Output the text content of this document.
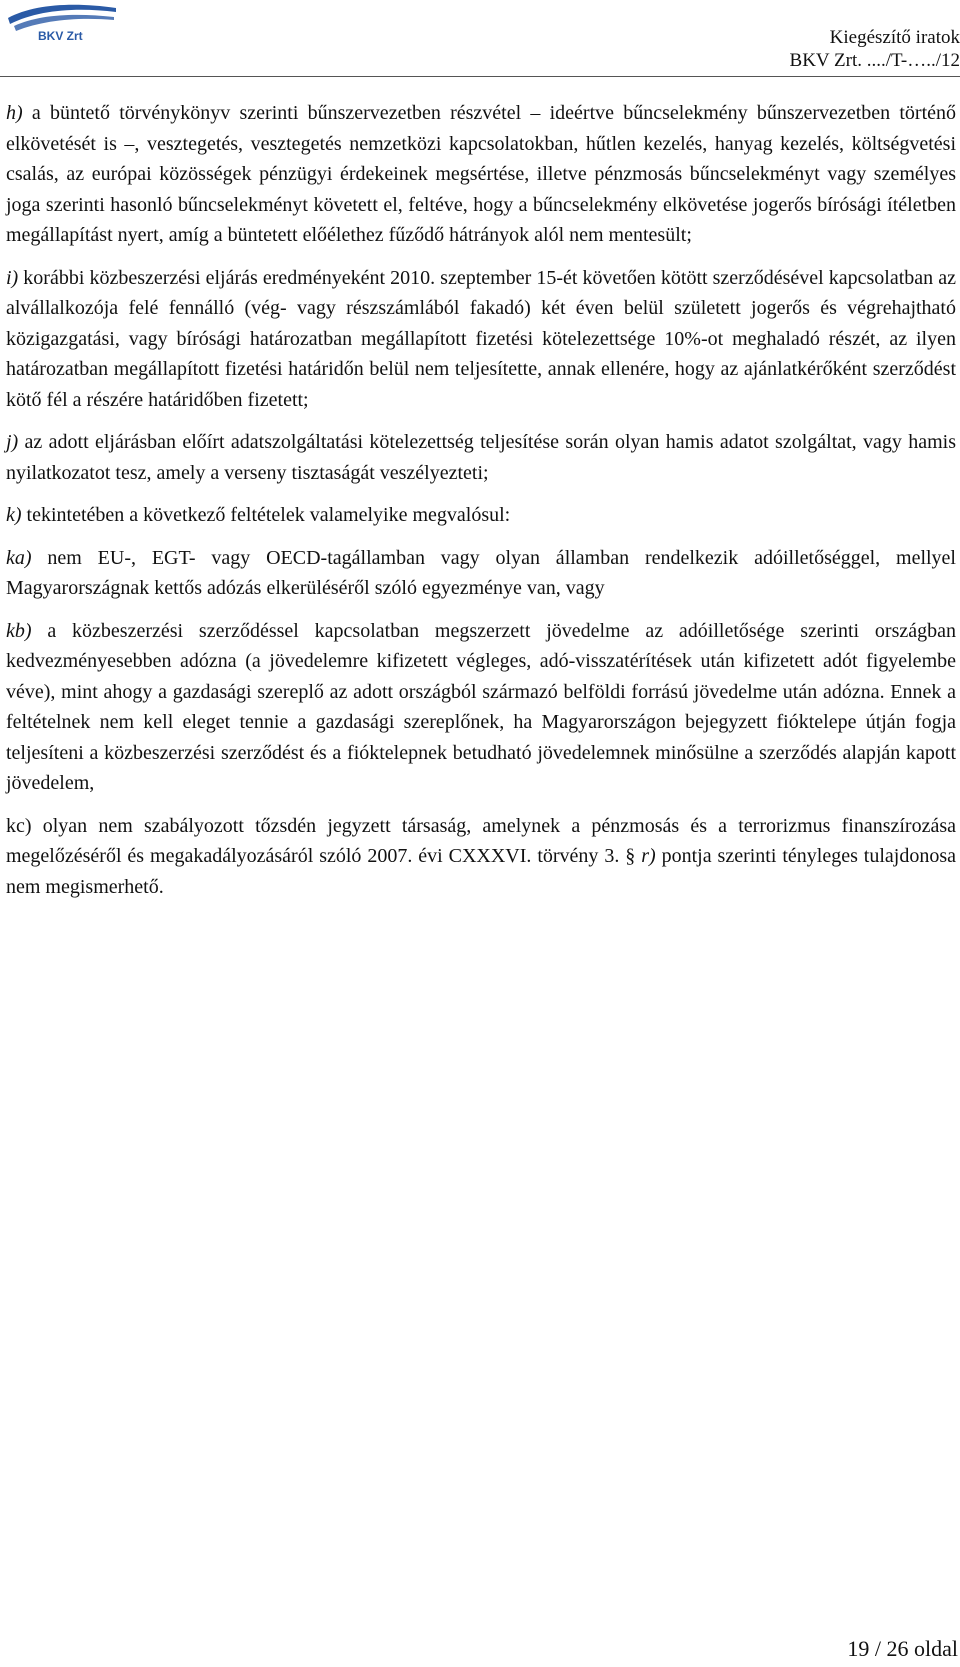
BKV Zrt	Kiegészítő iratok
BKV Zrt. ..../T-…../12

h) a büntető törvénykönyv szerinti bűnszervezetben részvétel – ideértve bűncselekmény bűnszervezetben történő elkövetését is –, vesztegetés, vesztegetés nemzetközi kapcsolatokban, hűtlen kezelés, hanyag kezelés, költségvetési csalás, az európai közösségek pénzügyi érdekeinek megsértése, illetve pénzmosás bűncselekményt vagy személyes joga szerinti hasonló bűncselekményt követett el, feltéve, hogy a bűncselekmény elkövetése jogerős bírósági ítéletben megállapítást nyert, amíg a büntetett előélethez fűződő hátrányok alól nem mentesült;

i) korábbi közbeszerzési eljárás eredményeként 2010. szeptember 15-ét követően kötött szerződésével kapcsolatban az alvállalkozója felé fennálló (vég- vagy részszámlából fakadó) két éven belül született jogerős és végrehajtható közigazgatási, vagy bírósági határozatban megállapított fizetési kötelezettsége 10%-ot meghaladó részét, az ilyen határozatban megállapított fizetési határidőn belül nem teljesítette, annak ellenére, hogy az ajánlatkérőként szerződést kötő fél a részére határidőben fizetett;

j) az adott eljárásban előírt adatszolgáltatási kötelezettség teljesítése során olyan hamis adatot szolgáltat, vagy hamis nyilatkozatot tesz, amely a verseny tisztaságát veszélyezteti;

k) tekintetében a következő feltételek valamelyike megvalósul:

ka) nem EU-, EGT- vagy OECD-tagállamban vagy olyan államban rendelkezik adóilletőséggel, mellyel Magyarországnak kettős adózás elkerüléséről szóló egyezménye van, vagy

kb) a közbeszerzési szerződéssel kapcsolatban megszerzett jövedelme az adóilletősége szerinti országban kedvezményesebben adózna (a jövedelemre kifizetett végleges, adó-visszatérítések után kifizetett adót figyelembe véve), mint ahogy a gazdasági szereplő az adott országból származó belföldi forrású jövedelme után adózna. Ennek a feltételnek nem kell eleget tennie a gazdasági szereplőnek, ha Magyarországon bejegyzett fióktelepe útján fogja teljesíteni a közbeszerzési szerződést és a fióktelepnek betudható jövedelemnek minősülne a szerződés alapján kapott jövedelem,

kc) olyan nem szabályozott tőzsdén jegyzett társaság, amelynek a pénzmosás és a terrorizmus finanszírozása megelőzéséről és megakadályozásáról szóló 2007. évi CXXXVI. törvény 3. § r) pontja szerinti tényleges tulajdonosa nem megismerhető.

19 / 26 oldal
